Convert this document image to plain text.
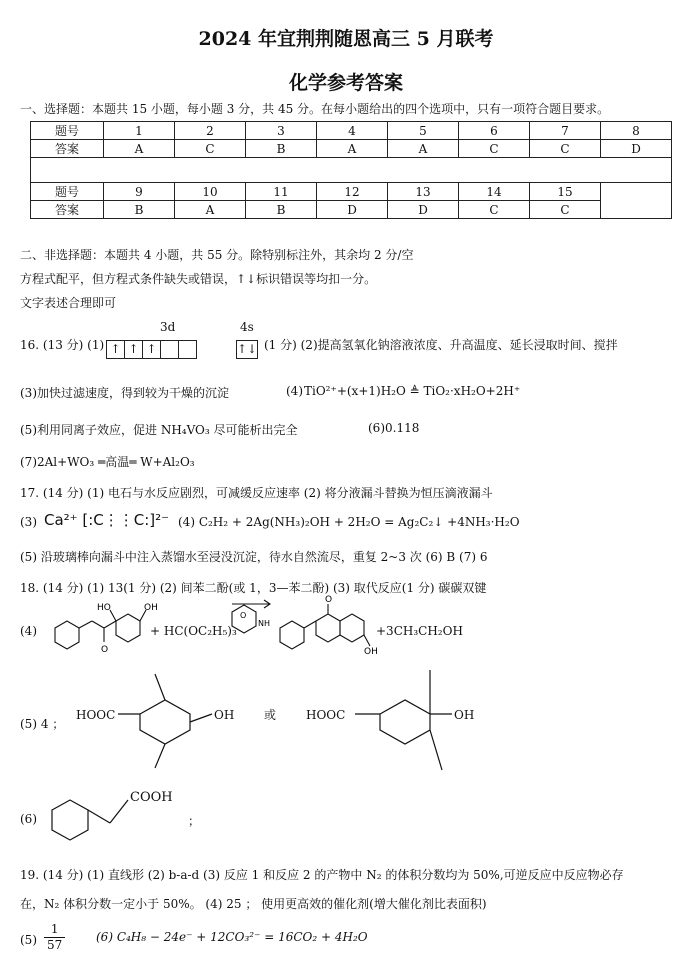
2024 年宜荆荆随恩高三 5 月联考
化学参考答案
一、选择题：本题共 15 小题，每小题 3 分，共 45 分。在每小题给出的四个选项中，只有一项符合题目要求。
题号	1	2	3	4	5	6	7	8
答案	A	C	B	A	A	C	C	D

题号	9	10	11	12	13	14	15	
答案	B	A	B	D	D	C	C	
二、非选择题：本题共 4 小题，共 55 分。除特别标注外，其余均 2 分/空
方程式配平，但方程式条件缺失或错误，↑↓标识错误等均扣一分。
文字表述合理即可
16. (13 分) (1)
3d	4s
↑ ↑ ↑	↑↓ (1 分) (2)提高氢氧化钠溶液浓度、升高温度、延长浸取时间、搅拌
(3)加快过滤速度，得到较为干燥的沉淀	(4) TiO²⁺+(x+1)H₂O ≜ TiO₂·xH₂O+2H⁺
(5)利用同离子效应，促进 NH₄VO₃ 尽可能析出完全	(6)0.118
(7)2Al+WO₃ ═高温═ W+Al₂O₃
17. (14 分) (1) 电石与水反应剧烈，可减缓反应速率 (2) 将分液漏斗替换为恒压滴液漏斗
(3) Ca²⁺ [:C⋮⋮C:]²⁻ (4) C₂H₂ + 2Ag(NH₃)₂OH + 2H₂O = Ag₂C₂↓ +4NH₃·H₂O
(5) 沿玻璃棒向漏斗中注入蒸馏水至浸没沉淀，待水自然流尽，重复 2~3 次 (6) B (7) 6
18. (14 分) (1) 13(1 分) (2) 间苯二酚(或 1，3—苯二酚) (3) 取代反应(1 分) 碳碳双键
(4)
HO	OH
O
O
NH
O
OH
+ HC(OC₂H₅)₃	+3CH₃CH₂OH
(5) 4 ；
HOOC	OH 或 HOOC	OH
(6)
COOH
；
19. (14 分) (1) 直线形 (2) b-a-d (3) 反应 1 和反应 2 的产物中 N₂ 的体积分数均为 50%,可逆反应中反应物必存
在，N₂ 体积分数一定小于 50%。 (4) 25 ； 使用更高效的催化剂(增大催化剂比表面积)
$(5) \frac{1}{57}$	(6) C₄H₈ − 24e⁻ + 12CO₃²⁻ = 16CO₂ + 4H₂O
